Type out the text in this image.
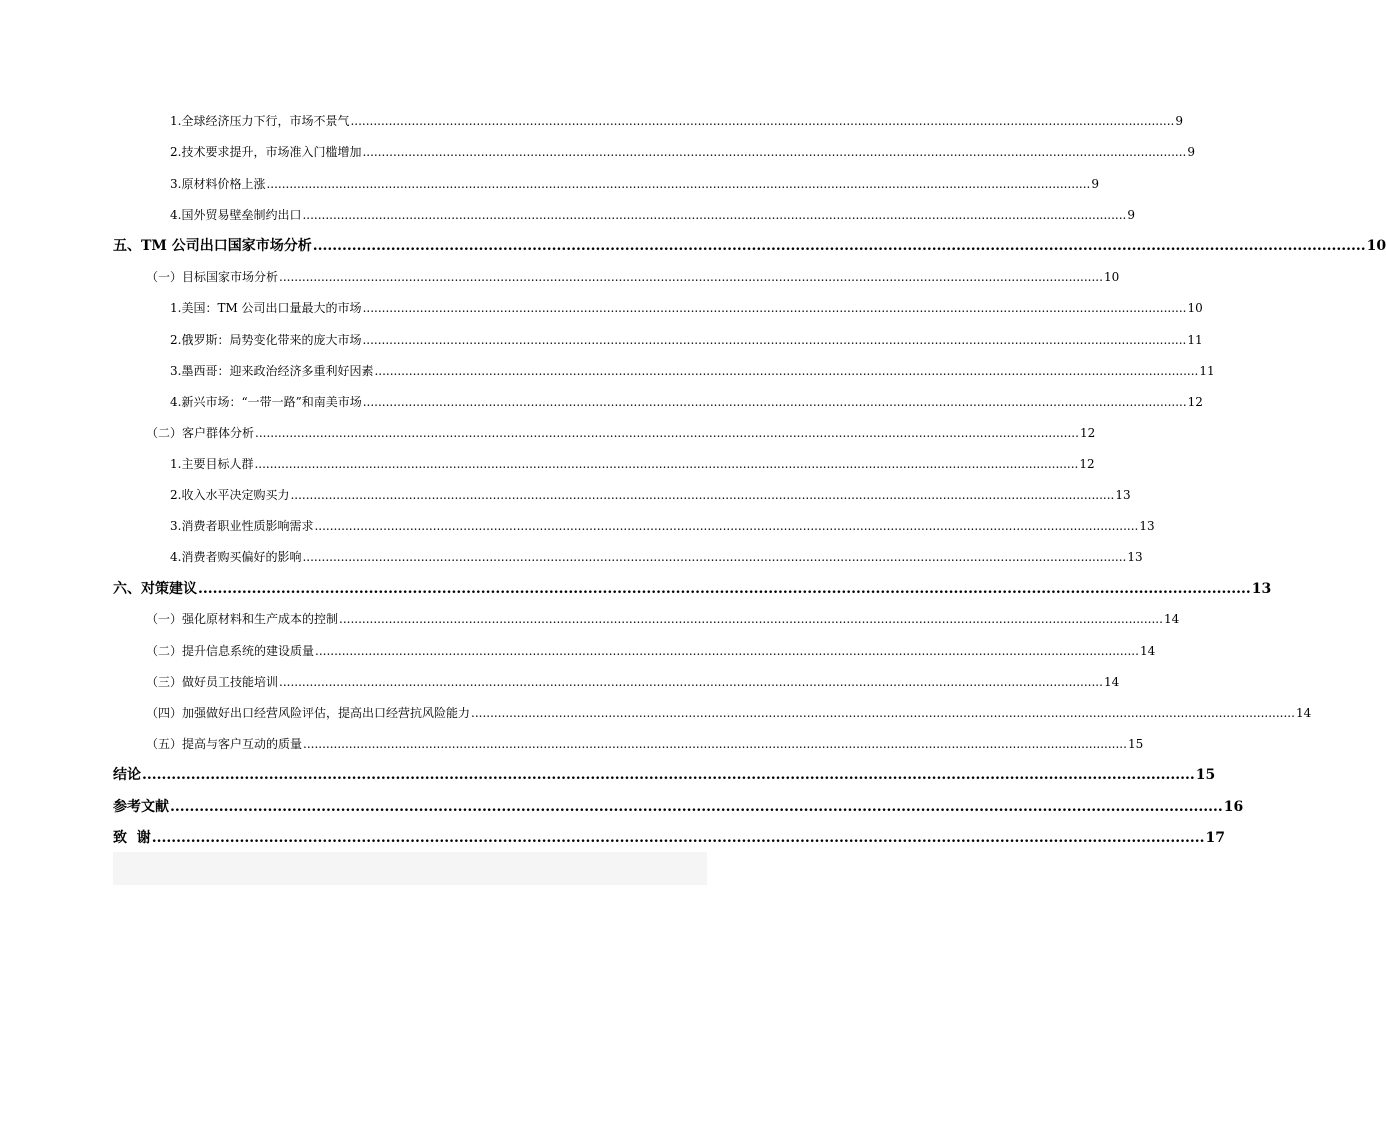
1.全球经济压力下行，市场不景气 ........................................................................................................................................................................................................................ 9
2.技术要求提升，市场准入门槛增加 ........................................................................................................................................................................................................................ 9
3.原材料价格上涨 ........................................................................................................................................................................................................................ 9
4.国外贸易壁垒制约出口 ........................................................................................................................................................................................................................ 9
五、TM 公司出口国家市场分析 ........................................................................................................................................................................................................................ 10
（一）目标国家市场分析 ........................................................................................................................................................................................................................ 10
1.美国：TM 公司出口量最大的市场 ........................................................................................................................................................................................................................ 10
2.俄罗斯：局势变化带来的庞大市场 ........................................................................................................................................................................................................................ 11
3.墨西哥：迎来政治经济多重利好因素 ........................................................................................................................................................................................................................ 11
4.新兴市场：“一带一路”和南美市场 ........................................................................................................................................................................................................................ 12
（二）客户群体分析 ........................................................................................................................................................................................................................ 12
1.主要目标人群 ........................................................................................................................................................................................................................ 12
2.收入水平决定购买力 ........................................................................................................................................................................................................................ 13
3.消费者职业性质影响需求 ........................................................................................................................................................................................................................ 13
4.消费者购买偏好的影响 ........................................................................................................................................................................................................................ 13
六、对策建议 ........................................................................................................................................................................................................................ 13
（一）强化原材料和生产成本的控制 ........................................................................................................................................................................................................................ 14
（二）提升信息系统的建设质量 ........................................................................................................................................................................................................................ 14
（三）做好员工技能培训 ........................................................................................................................................................................................................................ 14
（四）加强做好出口经营风险评估，提高出口经营抗风险能力 ........................................................................................................................................................................................................................ 14
（五）提高与客户互动的质量 ........................................................................................................................................................................................................................ 15
结论 ........................................................................................................................................................................................................................ 15
参考文献 ........................................................................................................................................................................................................................ 16
致  谢 ........................................................................................................................................................................................................................ 17
